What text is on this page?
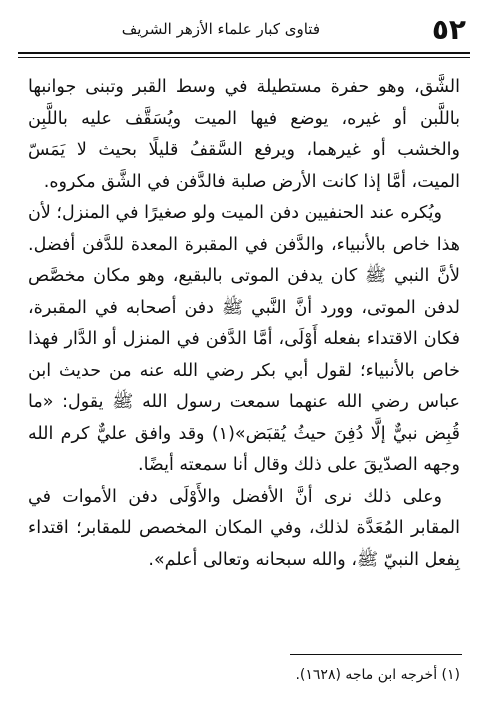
٥٢
فتاوى كبار علماء الأزهر الشريف

الشَّق، وهو حفرة مستطيلة في وسط القبر وتبنى جوانبها باللَّبن أو غيره، يوضع فيها الميت ويُسَقَّف عليه باللَّبِن والخشب أو غيرهما، ويرفع السَّقفُ قليلًا بحيث لا يَمَسّ الميت، أمَّا إذا كانت الأرض صلبة فالدَّفن في الشَّق مكروه.

ويُكره عند الحنفيين دفن الميت ولو صغيرًا في المنزل؛ لأن هذا خاص بالأنبياء، والدَّفن في المقبرة المعدة للدَّفن أفضل. لأنَّ النبي ﷺ كان يدفن الموتى بالبقيع، وهو مكان مخصَّص لدفن الموتى، وورد أنَّ النَّبي ﷺ دفن أصحابه في المقبرة، فكان الاقتداء بفعله أَوْلَى، أمَّا الدَّفن في المنزل أو الدَّار فهذا خاص بالأنبياء؛ لقول أبي بكر رضي الله عنه من حديث ابن عباس رضي الله عنهما سمعت رسول الله ﷺ يقول: «ما قُبِض نبيٌّ إلَّا دُفِنَ حيثُ يُقبَض»(١) وقد وافق عليٌّ كرم الله وجهه الصدّيقَ على ذلك وقال أنا سمعته أيضًا.

وعلى ذلك نرى أنَّ الأفضل والأَوْلَى دفن الأموات في المقابر المُعَدَّة لذلك، وفي المكان المخصص للمقابر؛ اقتداء بِفعل النبيّ ﷺ، والله سبحانه وتعالى أعلم».

(١) أخرجه ابن ماجه (١٦٢٨).
